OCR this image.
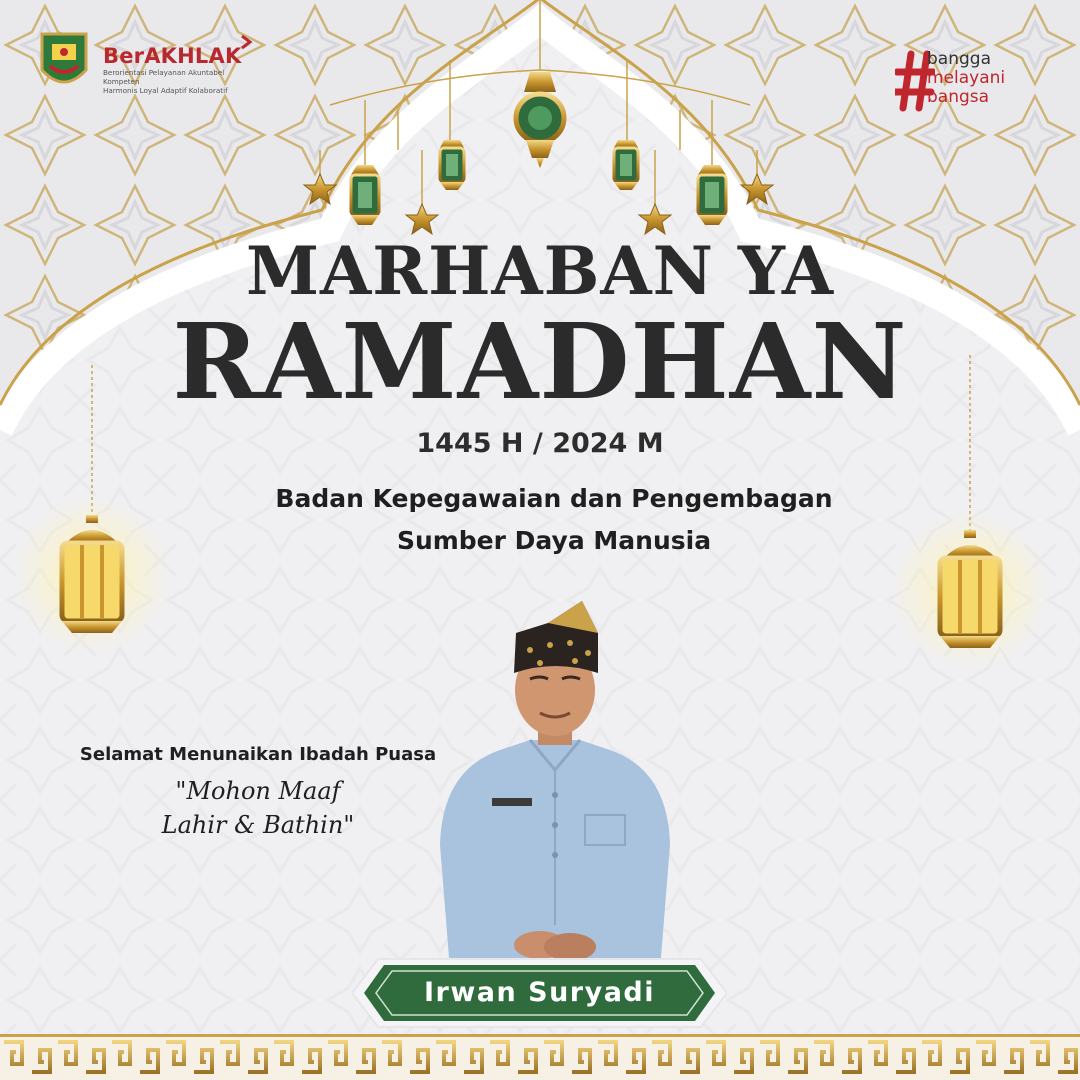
BerAKHLAK
Berorientasi Pelayanan Akuntabel Kompeten
Harmonis Loyal Adaptif Kolaboratif
bangga
melayani
bangsa
MARHABAN YA
RAMADHAN
1445 H / 2024 M
Badan Kepegawaian dan Pengembagan
Sumber Daya Manusia
Selamat Menunaikan Ibadah Puasa
"Mohon Maaf
Lahir & Bathin"
Irwan Suryadi
